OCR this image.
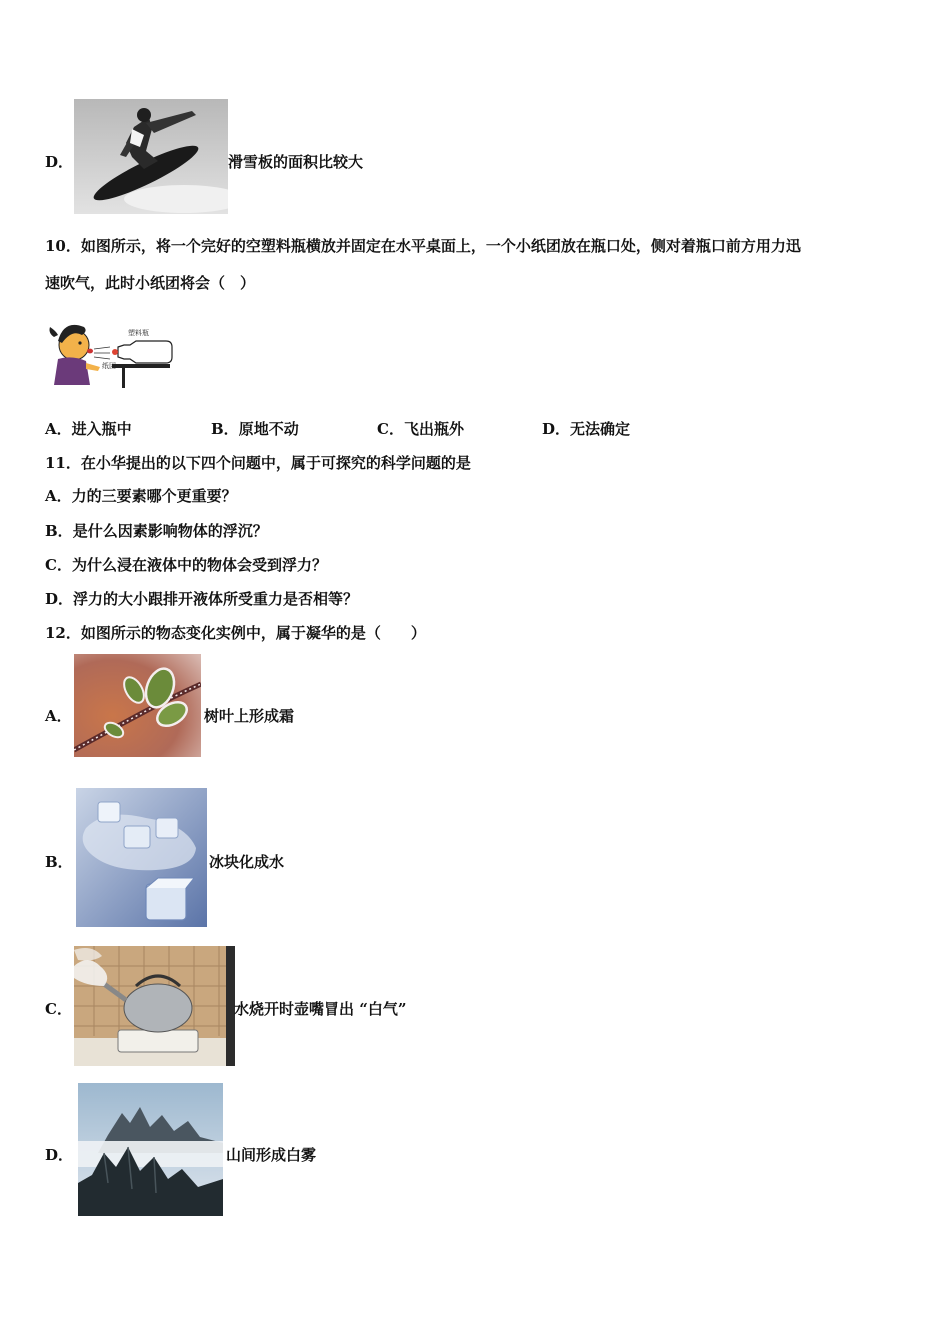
D．	滑雪板的面积比较大
10．如图所示，将一个完好的空塑料瓶横放并固定在水平桌面上，一个小纸团放在瓶口处，侧对着瓶口前方用力迅
速吹气，此时小纸团将会（　）
塑料瓶
纸团
A．进入瓶中	B．原地不动	C．飞出瓶外	D．无法确定
11．在小华提出的以下四个问题中，属于可探究的科学问题的是
A．力的三要素哪个更重要？
B．是什么因素影响物体的浮沉？
C．为什么浸在液体中的物体会受到浮力？
D．浮力的大小跟排开液体所受重力是否相等？
12．如图所示的物态变化实例中，属于凝华的是（　　）
A．	树叶上形成霜
B．	冰块化成水
C．	水烧开时壶嘴冒出 “白气”
D．	山间形成白雾
